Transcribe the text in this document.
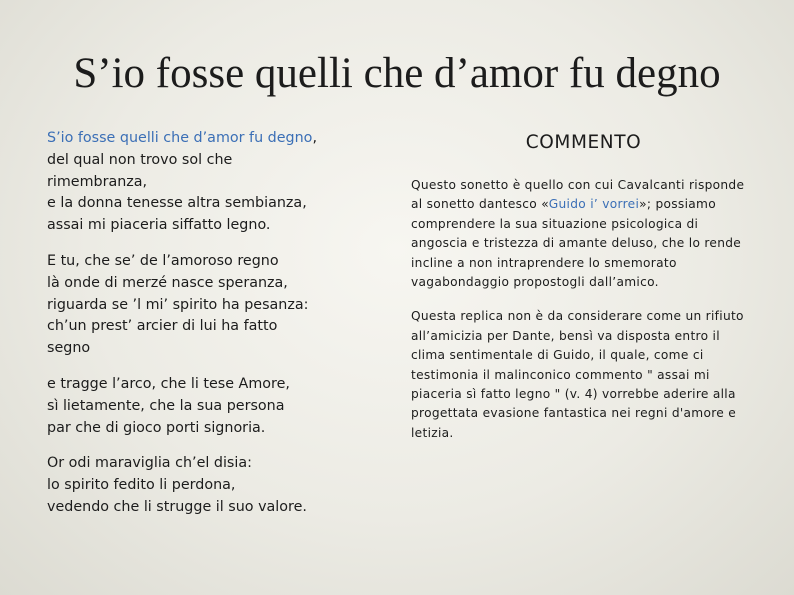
S’io fosse quelli che d’amor fu degno
S’io fosse quelli che d’amor fu degno,
del qual non trovo sol che
rimembranza,
e la donna tenesse altra sembianza,
assai mi piaceria siffatto legno.
E tu, che se’ de l’amoroso regno
là onde di merzé nasce speranza,
riguarda se ’l mi’ spirito ha pesanza:
ch’un prest’ arcier di lui ha fatto
segno
e tragge l’arco, che li tese Amore,
sì lietamente, che la sua persona
par che di gioco porti signoria.
Or odi maraviglia ch’el disia:
lo spirito fedito li perdona,
vedendo che li strugge il suo valore.
COMMENTO

Questo sonetto è quello con cui Cavalcanti risponde al sonetto dantesco «Guido i’ vorrei»; possiamo comprendere la sua situazione psicologica di angoscia e tristezza di amante deluso, che lo rende incline a non intraprendere lo smemorato vagabondaggio propostogli dall’amico.

Questa replica non è da considerare come un rifiuto all’amicizia per Dante, bensì va disposta entro il clima sentimentale di Guido, il quale, come ci testimonia il malinconico commento " assai mi piaceria sì fatto legno " (v. 4) vorrebbe aderire alla progettata evasione fantastica nei regni d'amore e letizia.
